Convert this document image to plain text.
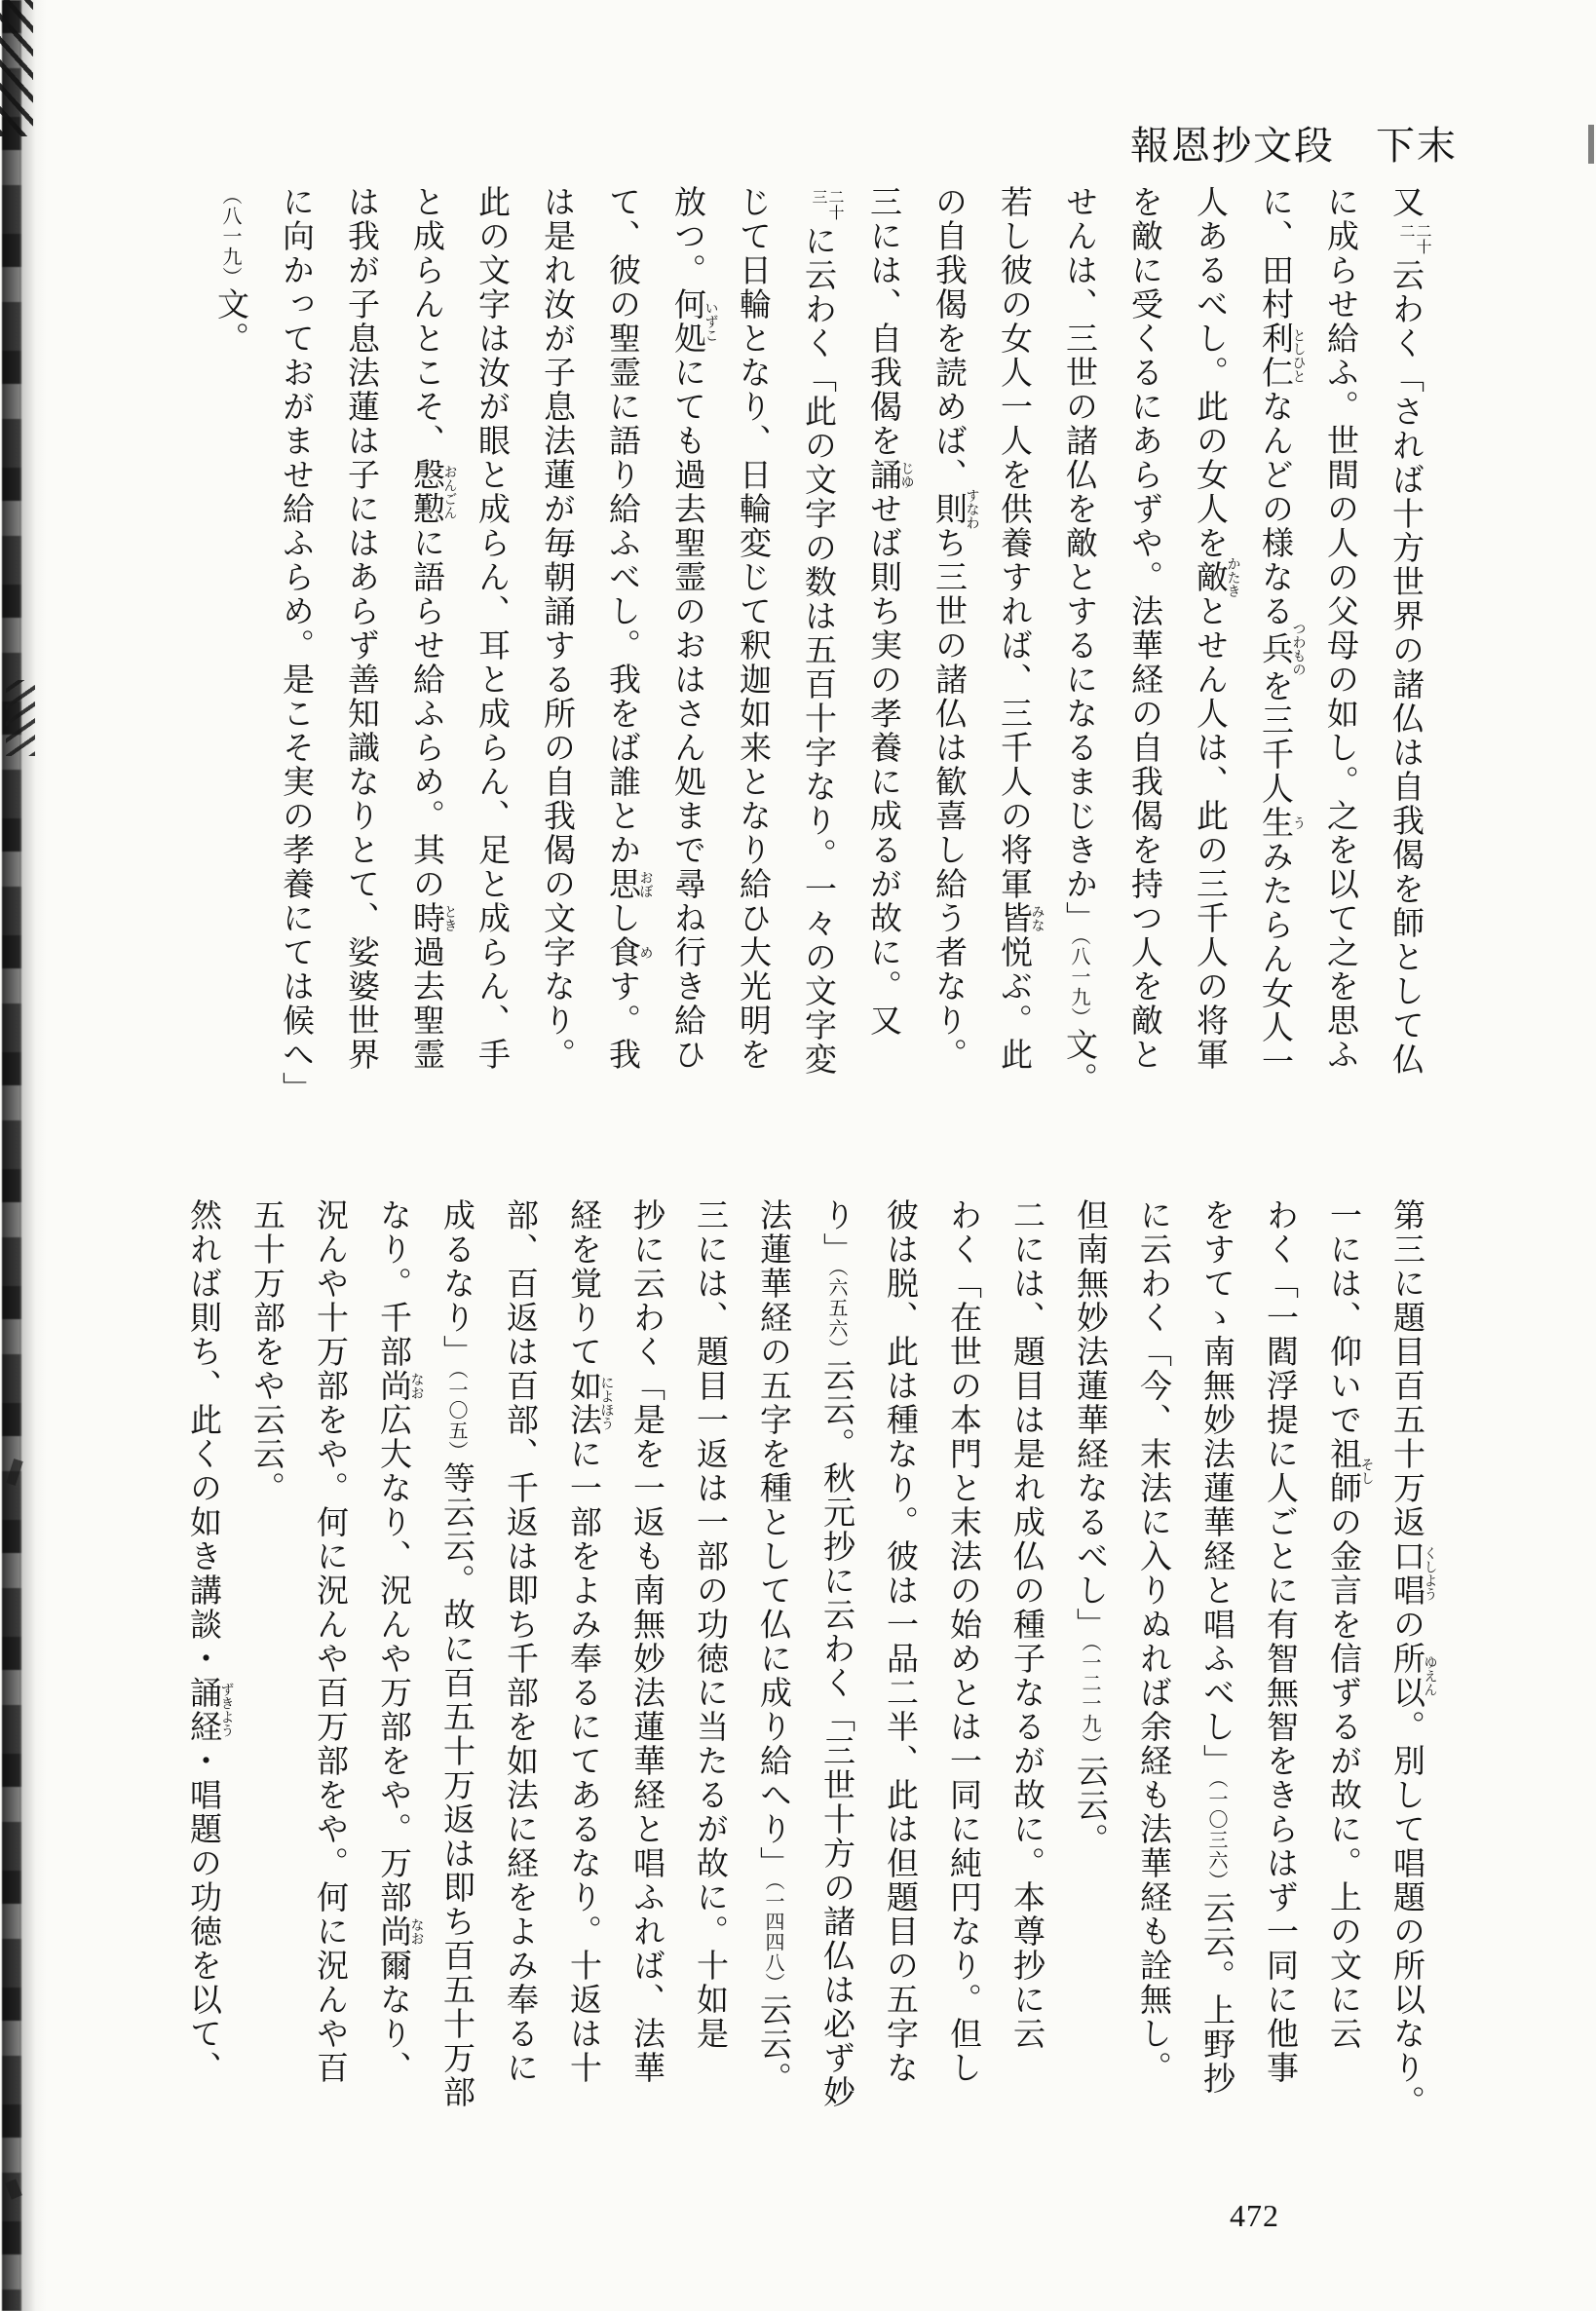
報恩抄文段　下末
又
二十
二
云わく「されば十方世界の諸仏は自我偈を師として仏
に成らせ給ふ。世間の人の父母の如し。之を以て之を思ふ
に、田村利仁としひとなんどの様なる兵つわものを三千人生うみたらん女人一
人あるべし。此の女人を敵かたきとせん人は、此の三千人の将軍
を敵に受くるにあらずや。法華経の自我偈を持つ人を敵と
せんは、三世の諸仏を敵とするになるまじきか」（八一九）文。
若し彼の女人一人を供養すれば、三千人の将軍皆みな悦ぶ。此
の自我偈を読めば、則すなわち三世の諸仏は歓喜し給う者なり。
三には、自我偈を誦じゆせば則ち実の孝養に成るが故に。又
二十
三
に云わく「此の文字の数は五百十字なり。一々の文字変
じて日輪となり、日輪変じて釈迦如来となり給ひ大光明を
放つ。何処いずこにても過去聖霊のおはさん処まで尋ね行き給ひ
て、彼の聖霊に語り給ふべし。我をば誰とか思おぼし食めす。我
は是れ汝が子息法蓮が毎朝誦する所の自我偈の文字なり。
此の文字は汝が眼と成らん、耳と成らん、足と成らん、手
と成らんとこそ、慇懃おんごんに語らせ給ふらめ。其の時とき過去聖霊
は我が子息法蓮は子にはあらず善知識なりとて、娑婆世界
に向かっておがませ給ふらめ。是こそ実の孝養にては候へ」
（八一九）文。
第三に題目百五十万返口唱くしようの所以ゆえん。別して唱題の所以なり。
一には、仰いで祖師そしの金言を信ずるが故に。上の文に云
わく「一閻浮提に人ごとに有智無智をきらはず一同に他事
をすてゝ南無妙法蓮華経と唱ふべし」（一〇三六）云云。上野抄
に云わく「今、末法に入りぬれば余経も法華経も詮無し。
但南無妙法蓮華経なるべし」（一二一九）云云。
二には、題目は是れ成仏の種子なるが故に。本尊抄に云
わく「在世の本門と末法の始めとは一同に純円なり。但し
彼は脱、此は種なり。彼は一品二半、此は但題目の五字な
り」（六五六）云云。秋元抄に云わく「三世十方の諸仏は必ず妙
法蓮華経の五字を種として仏に成り給へり」（一四四八）云云。
三には、題目一返は一部の功徳に当たるが故に。十如是
抄に云わく「是を一返も南無妙法蓮華経と唱ふれば、法華
経を覚りて如法によほうに一部をよみ奉るにてあるなり。十返は十
部、百返は百部、千返は即ち千部を如法に経をよみ奉るに
成るなり」（一〇五）等云云。故に百五十万返は即ち百五十万部
なり。千部尚なお広大なり、況んや万部をや。万部尚なお爾なり、
況んや十万部をや。何に況んや百万部をや。何に況んや百
五十万部をや云云。
然れば則ち、此くの如き講談・誦経ずきよう・唱題の功徳を以て、
472
